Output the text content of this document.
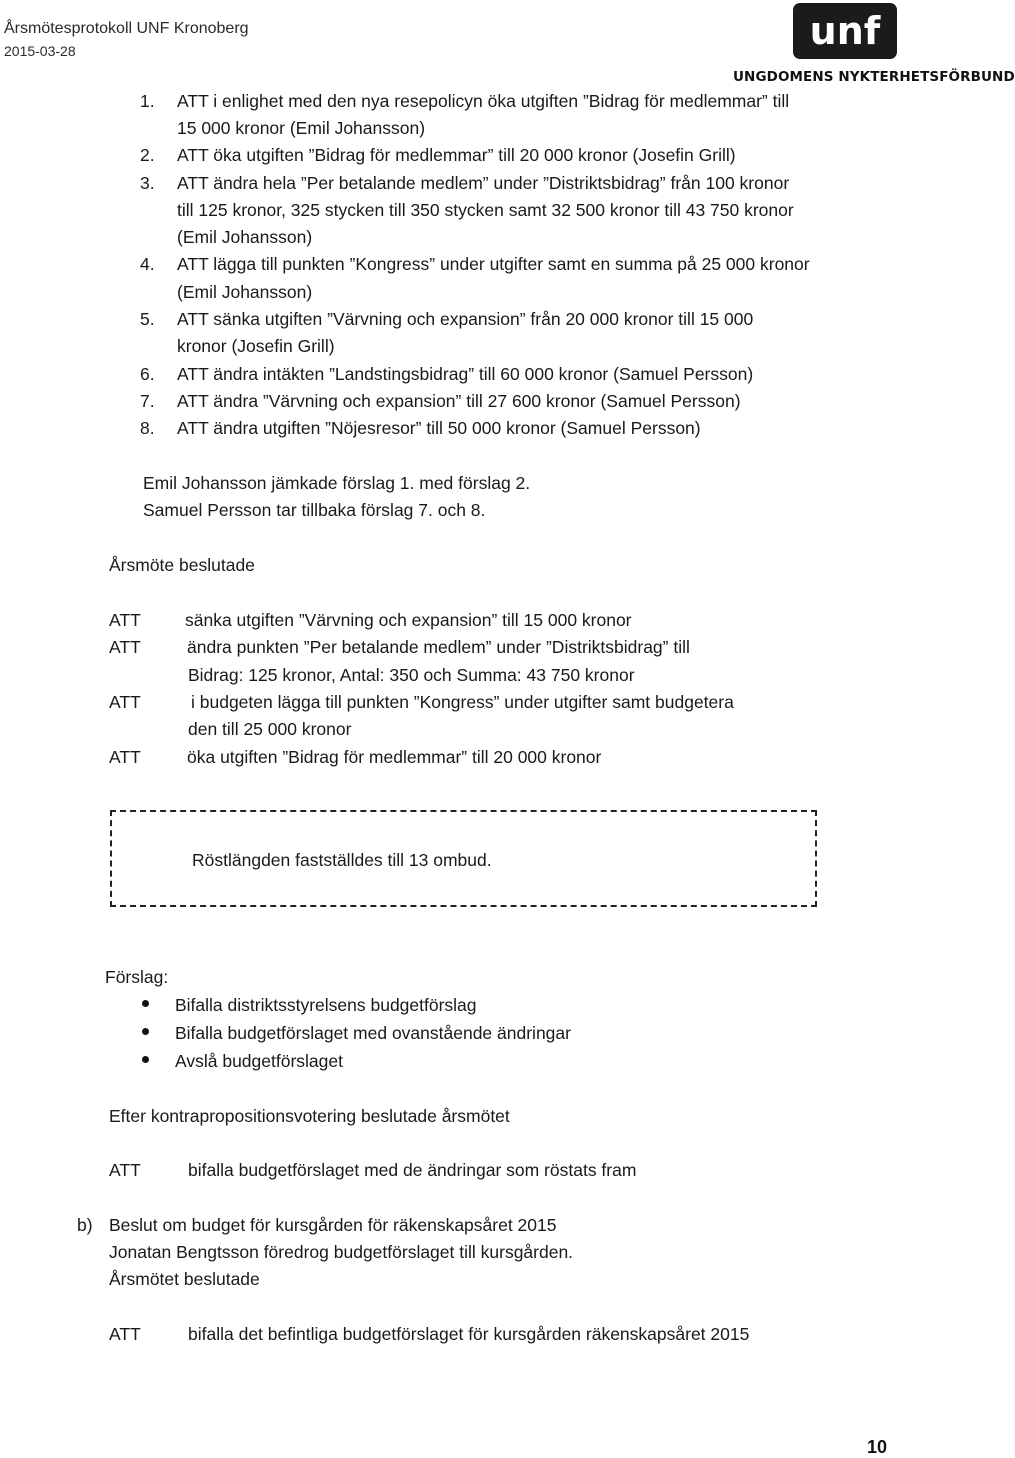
Årsmötesprotokoll UNF Kronoberg
2015-03-28	unf
UNGDOMENS NYKTERHETSFÖRBUND
1.	ATT i enlighet med den nya resepolicyn öka utgiften ”Bidrag för medlemmar” till
15 000 kronor (Emil Johansson)
2.	ATT öka utgiften ”Bidrag för medlemmar” till 20 000 kronor (Josefin Grill)
3.	ATT ändra hela ”Per betalande medlem” under ”Distriktsbidrag” från 100 kronor
till 125 kronor, 325 stycken till 350 stycken samt 32 500 kronor till 43 750 kronor
(Emil Johansson)
4.	ATT lägga till punkten ”Kongress” under utgifter samt en summa på 25 000 kronor
(Emil Johansson)
5.	ATT sänka utgiften ”Värvning och expansion” från 20 000 kronor till 15 000
kronor (Josefin Grill)
6.	ATT ändra intäkten ”Landstingsbidrag” till 60 000 kronor (Samuel Persson)
7.	ATT ändra ”Värvning och expansion” till 27 600 kronor (Samuel Persson)
8.	ATT ändra utgiften ”Nöjesresor” till 50 000 kronor (Samuel Persson)
Emil Johansson jämkade förslag 1. med förslag 2.
Samuel Persson tar tillbaka förslag 7. och 8.
Årsmöte beslutade
ATT	sänka utgiften ”Värvning och expansion” till 15 000 kronor
ATT	ändra punkten ”Per betalande medlem” under ”Distriktsbidrag” till
Bidrag: 125 kronor, Antal: 350 och Summa: 43 750 kronor
ATT	i budgeten lägga till punkten ”Kongress” under utgifter samt budgetera
den till 25 000 kronor
ATT	öka utgiften ”Bidrag för medlemmar” till 20 000 kronor
Röstlängden fastställdes till 13 ombud.
Förslag:
Bifalla distriktsstyrelsens budgetförslag
Bifalla budgetförslaget med ovanstående ändringar
Avslå budgetförslaget
Efter kontrapropositionsvotering beslutade årsmötet
ATT	bifalla budgetförslaget med de ändringar som röstats fram
b) Beslut om budget för kursgården för räkenskapsåret 2015
Jonatan Bengtsson föredrog budgetförslaget till kursgården.
Årsmötet beslutade
ATT	bifalla det befintliga budgetförslaget för kursgården räkenskapsåret 2015
10
